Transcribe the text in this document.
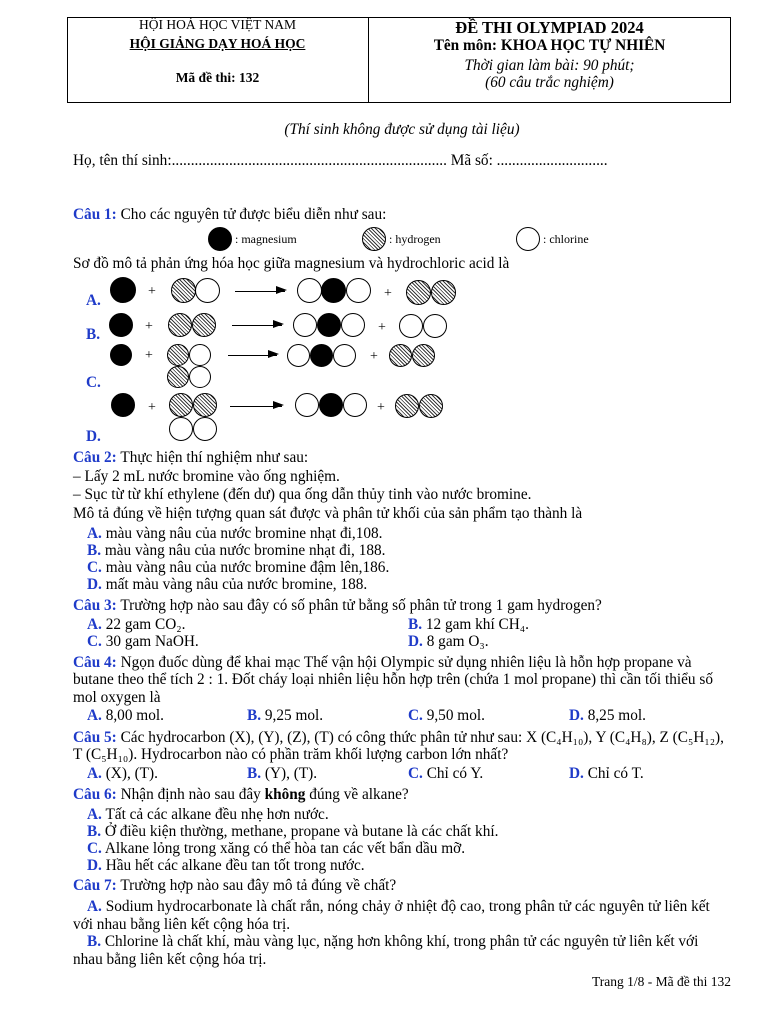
HỘI HOÁ HỌC VIỆT NAM
HỘI GIẢNG DẠY HOÁ HỌC
Mã đề thi: 132
ĐỀ THI OLYMPIAD 2024
Tên môn: KHOA HỌC TỰ NHIÊN
Thời gian làm bài: 90 phút;
(60 câu trắc nghiệm)
(Thí sinh không được sử dụng tài liệu)
Họ, tên thí sinh:........................................................................ Mã số: .............................
Câu 1: Cho các nguyên tử được biểu diễn như sau:
: magnesium	: hydrogen	: chlorine
Sơ đồ mô tả phản ứng hóa học giữa magnesium và hydrochloric acid là
A.
B.
C.
D.
+	+
+	+
+	+
+	+
Câu 2: Thực hiện thí nghiệm như sau:
– Lấy 2 mL nước bromine vào ống nghiệm.
– Sục từ từ khí ethylene (đến dư) qua ống dẫn thủy tinh vào nước bromine.
Mô tả đúng về hiện tượng quan sát được và phân tử khối của sản phẩm tạo thành là
A. màu vàng nâu của nước bromine nhạt đi,108.
B. màu vàng nâu của nước bromine nhạt đi, 188.
C. màu vàng nâu của nước bromine đậm lên,186.
D. mất màu vàng nâu của nước bromine, 188.
Câu 3: Trường hợp nào sau đây có số phân tử bằng số phân tử trong 1 gam hydrogen?
A. 22 gam CO₂.	B. 12 gam khí CH₄.
C. 30 gam NaOH.	D. 8 gam O₃.
Câu 4: Ngọn đuốc dùng để khai mạc Thế vận hội Olympic sử dụng nhiên liệu là hỗn hợp propane và
butane theo thể tích 2 : 1. Đốt cháy loại nhiên liệu hỗn hợp trên (chứa 1 mol propane) thì cần tối thiểu số
mol oxygen là
A. 8,00 mol.	B. 9,25 mol.	C. 9,50 mol.	D. 8,25 mol.
Câu 5: Các hydrocarbon (X), (Y), (Z), (T) có công thức phân tử như sau: X (C₄H₁₀), Y (C₄H₈), Z (C₅H₁₂),
T (C₅H₁₀). Hydrocarbon nào có phần trăm khối lượng carbon lớn nhất?
A. (X), (T).	B. (Y), (T).	C. Chỉ có Y.	D. Chỉ có T.
Câu 6: Nhận định nào sau đây không đúng về alkane?
A. Tất cả các alkane đều nhẹ hơn nước.
B. Ở điều kiện thường, methane, propane và butane là các chất khí.
C. Alkane lỏng trong xăng có thể hòa tan các vết bẩn dầu mỡ.
D. Hầu hết các alkane đều tan tốt trong nước.
Câu 7: Trường hợp nào sau đây mô tả đúng về chất?
A. Sodium hydrocarbonate là chất rắn, nóng chảy ở nhiệt độ cao, trong phân tử các nguyên tử liên kết
với nhau bằng liên kết cộng hóa trị.
B. Chlorine là chất khí, màu vàng lục, nặng hơn không khí, trong phân tử các nguyên tử liên kết với
nhau bằng liên kết cộng hóa trị.
Trang 1/8 - Mã đề thi 132
